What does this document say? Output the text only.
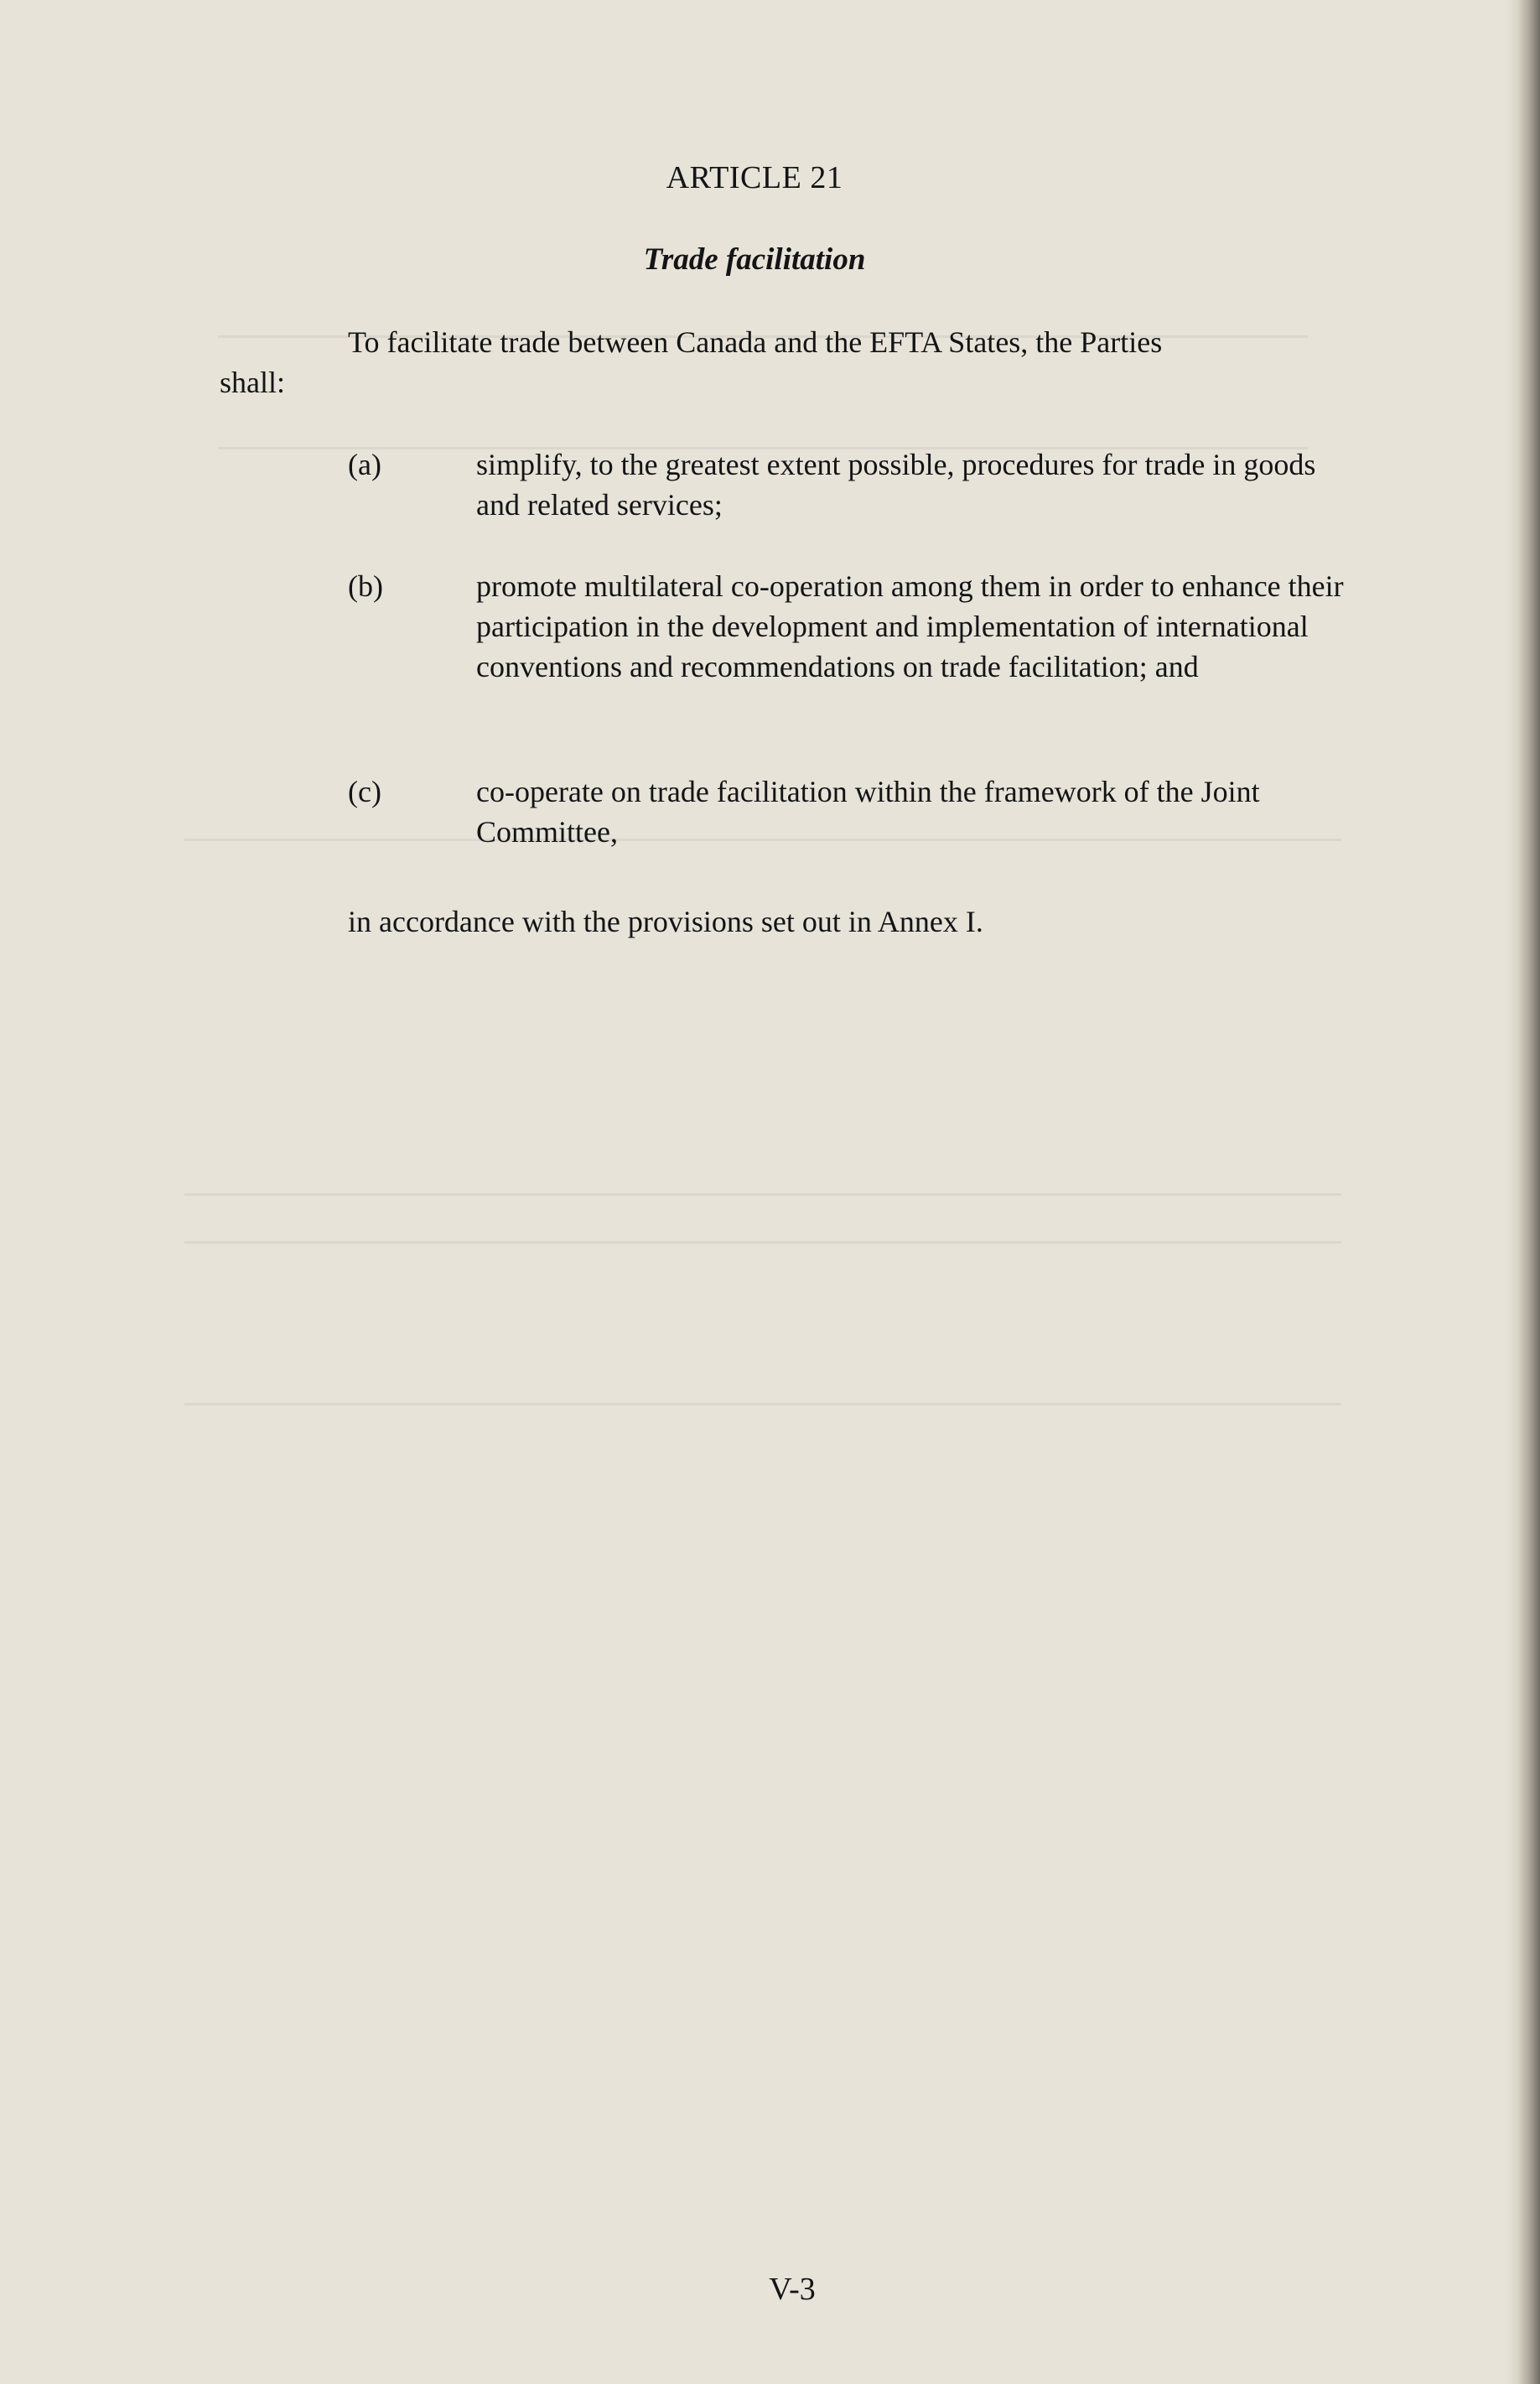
ARTICLE 21
Trade facilitation
To facilitate trade between Canada and the EFTA States, the Parties
shall:
(a)	simplify, to the greatest extent possible, procedures for trade in goods and related services;
(b)	promote multilateral co-operation among them in order to enhance their participation in the development and implementation of international conventions and recommendations on trade facilitation; and
(c)	co-operate on trade facilitation within the framework of the Joint Committee,
in accordance with the provisions set out in Annex I.
V-3
